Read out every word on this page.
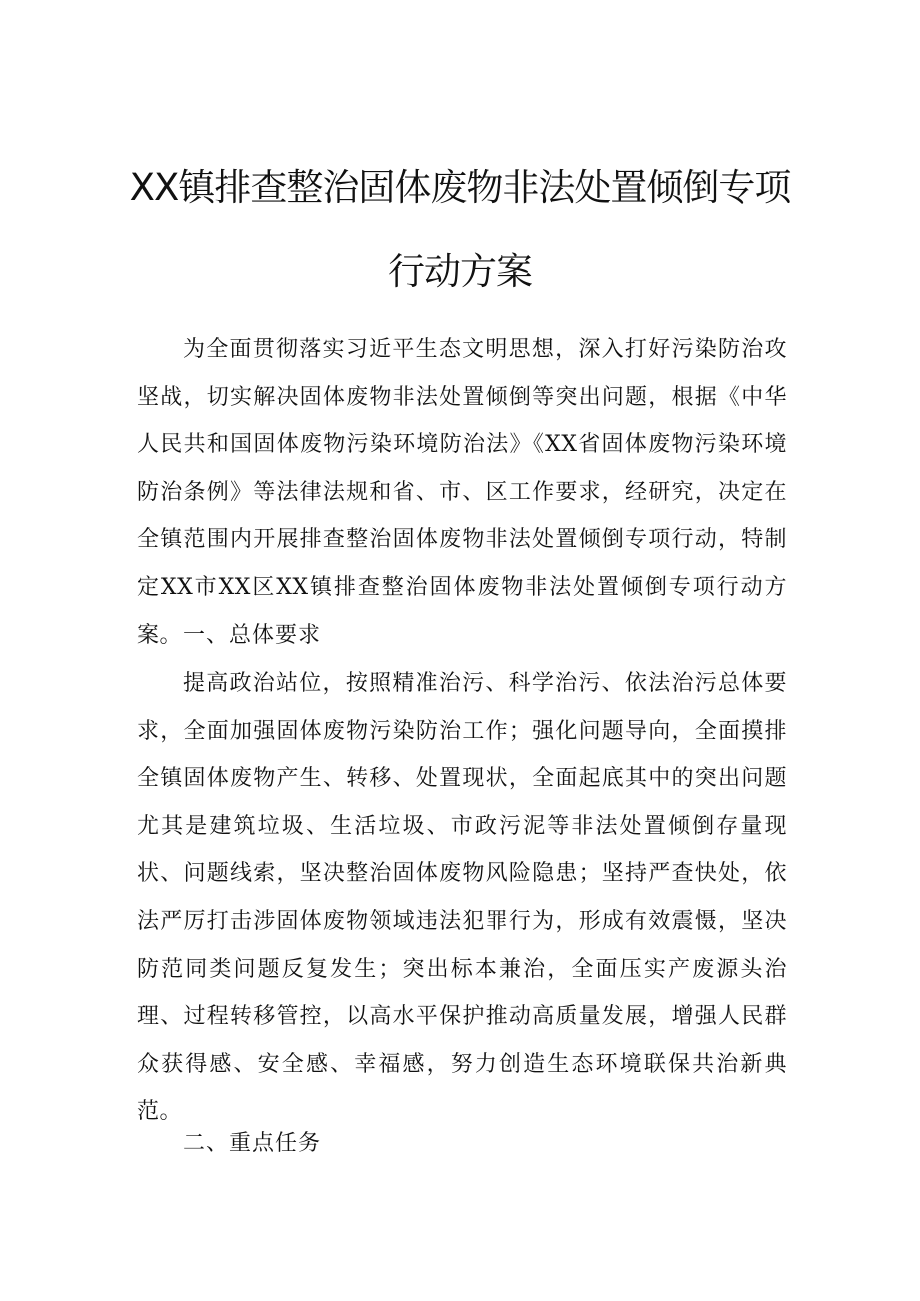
XX镇排查整治固体废物非法处置倾倒专项
行动方案

为全面贯彻落实习近平生态文明思想，深入打好污染防治攻坚战，切实解决固体废物非法处置倾倒等突出问题，根据《中华人民共和国固体废物污染环境防治法》《XX省固体废物污染环境防治条例》等法律法规和省、市、区工作要求，经研究，决定在全镇范围内开展排查整治固体废物非法处置倾倒专项行动，特制定XX市XX区XX镇排查整治固体废物非法处置倾倒专项行动方案。 一、总体要求

提高政治站位，按照精准治污、科学治污、依法治污总体要求，全面加强固体废物污染防治工作；强化问题导向，全面摸排全镇固体废物产生、转移、处置现状，全面起底其中的突出问题尤其是建筑垃圾、生活垃圾、市政污泥等非法处置倾倒存量现状、问题线索，坚决整治固体废物风险隐患；坚持严查快处，依法严厉打击涉固体废物领域违法犯罪行为，形成有效震慑，坚决防范同类问题反复发生；突出标本兼治，全面压实产废源头治理、过程转移管控，以高水平保护推动高质量发展，增强人民群众获得感、安全感、幸福感，努力创造生态环境联保共治新典范。

二、重点任务
